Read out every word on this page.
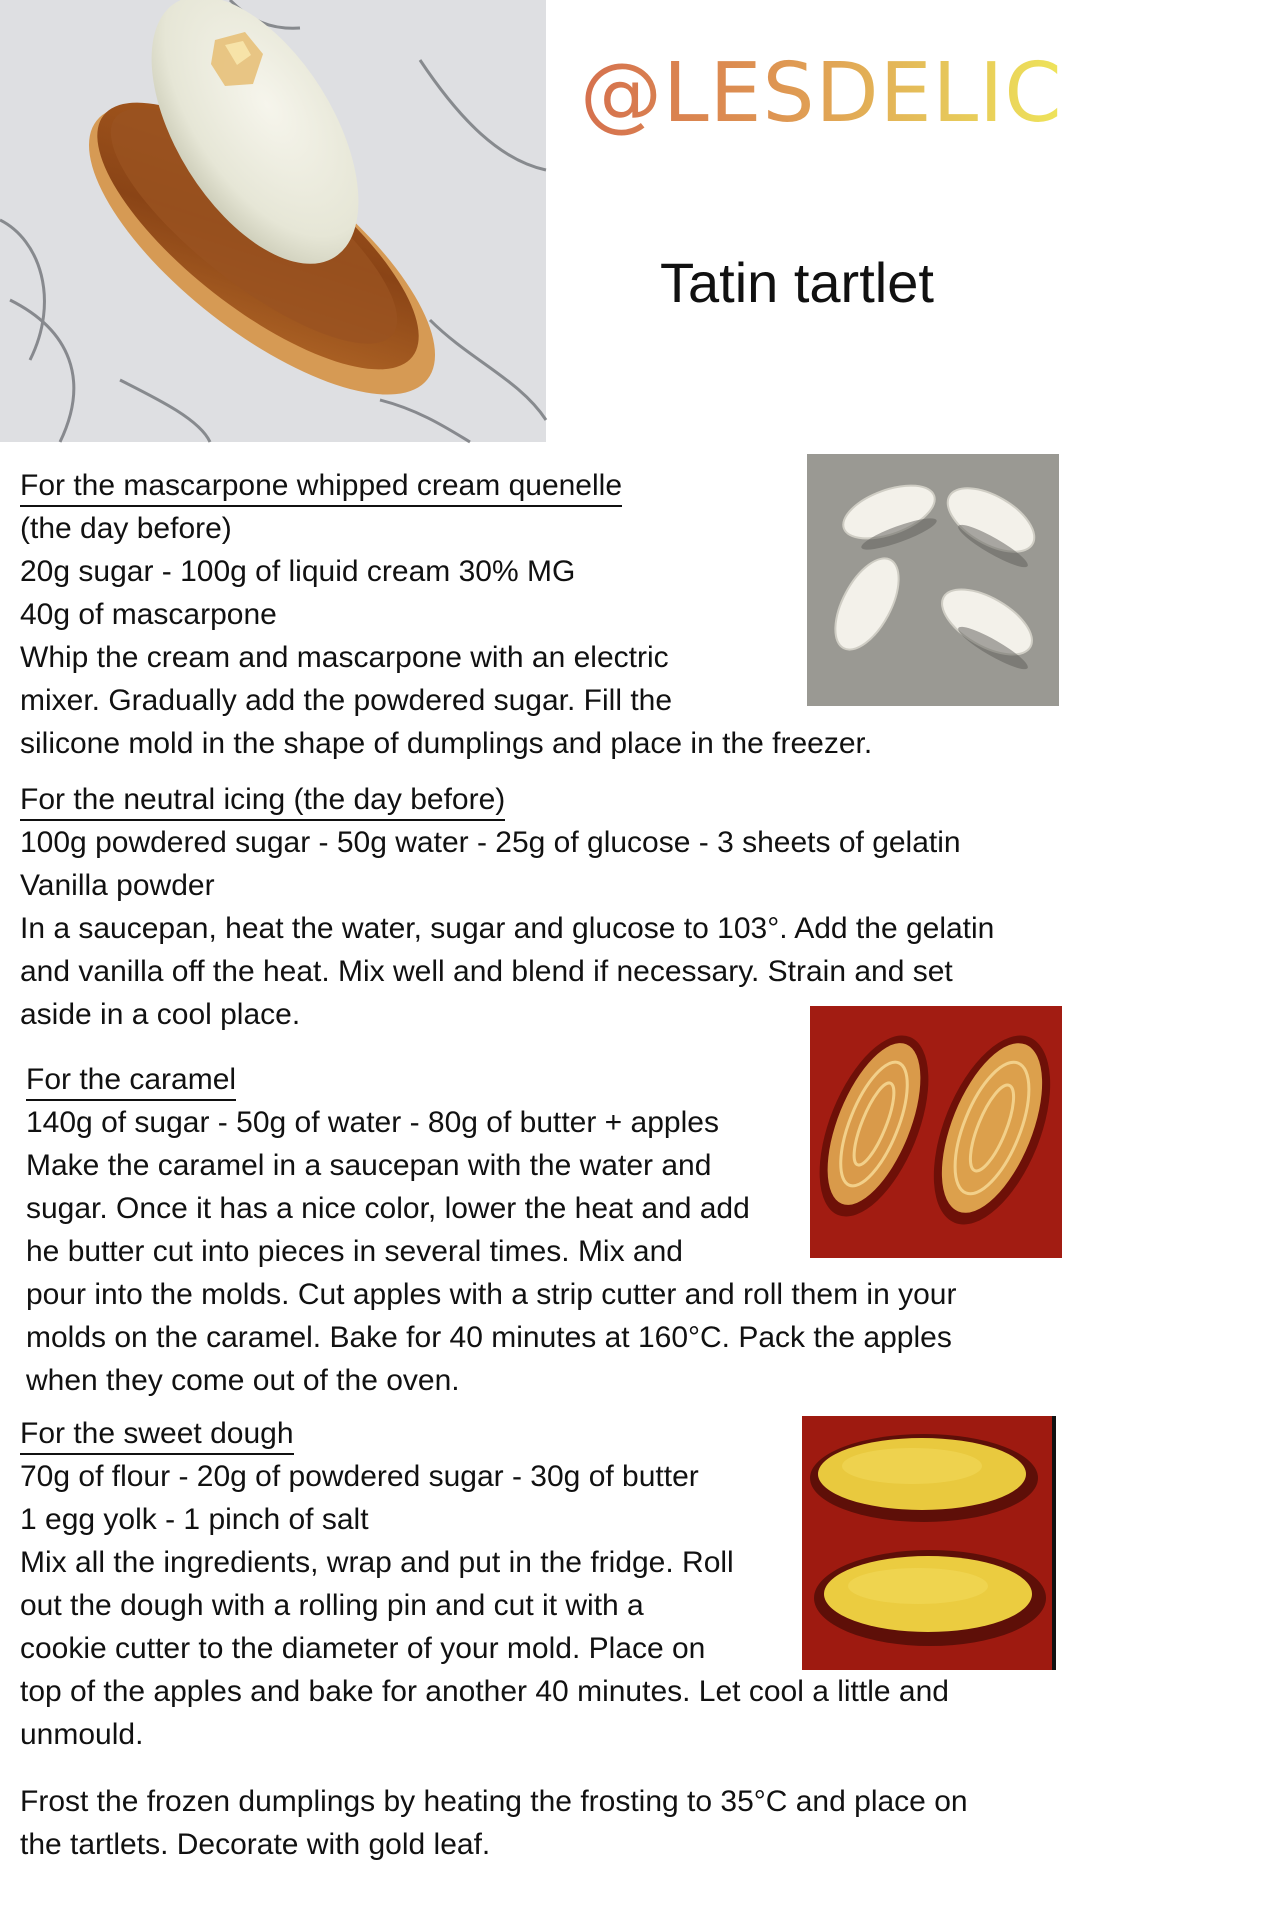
@LESDELICES31
Tatin tartlet
For the mascarpone whipped cream quenelle

(the day before)

20g sugar - 100g of liquid cream 30% MG

40g of mascarpone

Whip the cream and mascarpone with an electric

mixer. Gradually add the powdered sugar. Fill the

silicone mold in the shape of dumplings and place in the freezer.

For the neutral icing (the day before)

100g powdered sugar - 50g water - 25g of glucose - 3 sheets of gelatin

Vanilla powder

In a saucepan, heat the water, sugar and glucose to 103°. Add the gelatin

and vanilla off the heat. Mix well and blend if necessary. Strain and set

aside in a cool place.

For the caramel

140g of sugar - 50g of water - 80g of butter + apples

Make the caramel in a saucepan with the water and

sugar. Once it has a nice color, lower the heat and add

he butter cut into pieces in several times. Mix and

pour into the molds. Cut apples with a strip cutter and roll them in your

molds on the caramel. Bake for 40 minutes at 160°C. Pack the apples

when they come out of the oven.

For the sweet dough

70g of flour - 20g of powdered sugar - 30g of butter

1 egg yolk - 1 pinch of salt

Mix all the ingredients, wrap and put in the fridge. Roll

out the dough with a rolling pin and cut it with a

cookie cutter to the diameter of your mold. Place on

top of the apples and bake for another 40 minutes. Let cool a little and

unmould.

Frost the frozen dumplings by heating the frosting to 35°C and place on

the tartlets. Decorate with gold leaf.
